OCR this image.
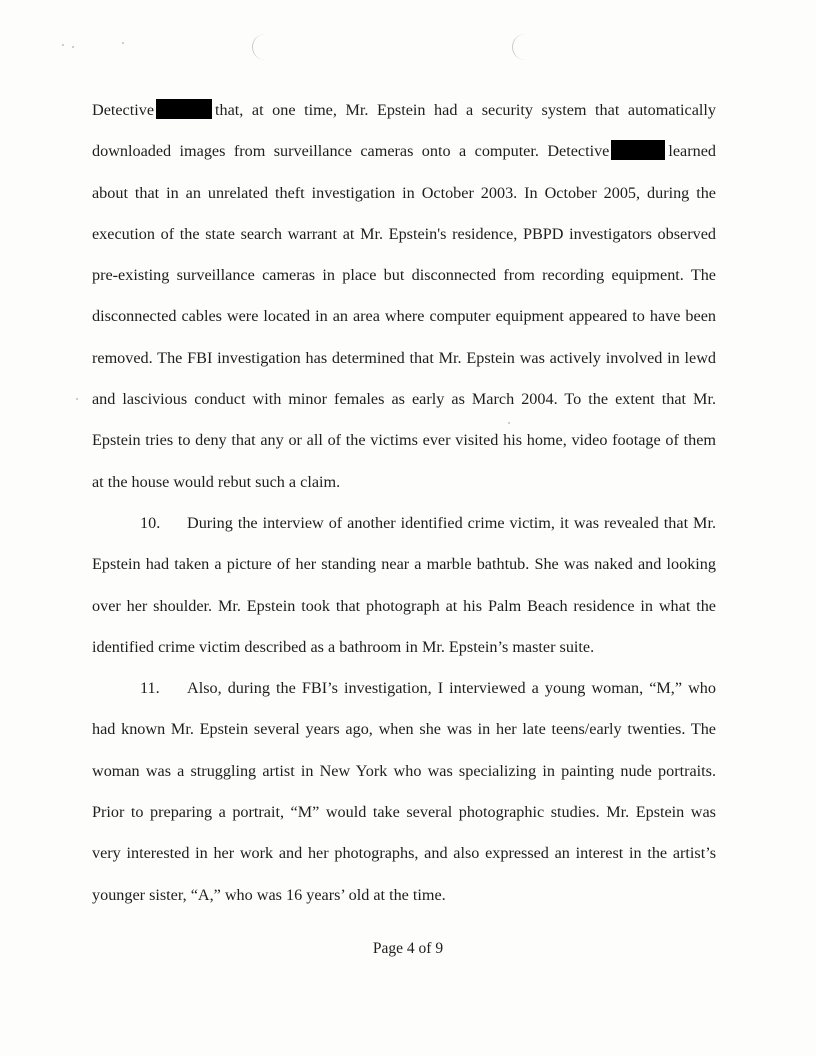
Detective	that, at one time, Mr. Epstein had a security system that automatically downloaded images from surveillance cameras onto a computer. Detective	learned about that in an unrelated theft investigation in October 2003. In October 2005, during the execution of the state search warrant at Mr. Epstein's residence, PBPD investigators observed pre-existing surveillance cameras in place but disconnected from recording equipment. The disconnected cables were located in an area where computer equipment appeared to have been removed. The FBI investigation has determined that Mr. Epstein was actively involved in lewd and lascivious conduct with minor females as early as March 2004. To the extent that Mr. Epstein tries to deny that any or all of the victims ever visited his home, video footage of them at the house would rebut such a claim.

10. During the interview of another identified crime victim, it was revealed that Mr. Epstein had taken a picture of her standing near a marble bathtub. She was naked and looking over her shoulder. Mr. Epstein took that photograph at his Palm Beach residence in what the identified crime victim described as a bathroom in Mr. Epstein’s master suite.

11. Also, during the FBI’s investigation, I interviewed a young woman, “M,” who had known Mr. Epstein several years ago, when she was in her late teens/early twenties. The woman was a struggling artist in New York who was specializing in painting nude portraits. Prior to preparing a portrait, “M” would take several photographic studies. Mr. Epstein was very interested in her work and her photographs, and also expressed an interest in the artist’s younger sister, “A,” who was 16 years’ old at the time.

Page 4 of 9
